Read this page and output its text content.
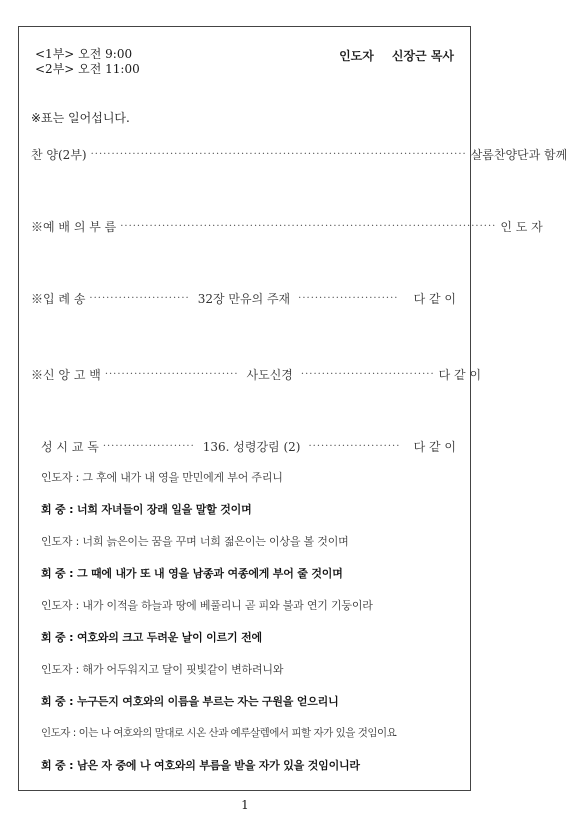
<1부> 오전 9:00
<2부> 오전 11:00
인도자 신장근 목사
※표는 일어섭니다.
찬 양(2부) ·························································································· 살롬찬양단과 함께
※예 배 의 부 름 ·························································································· 인 도 자
※입 례 송 ························ 32장 만유의 주재 ························	다 같 이
※신 앙 고 백 ································ 사도신경 ································ 다 같 이
성 시 교 독 ······················ 136. 성령강림 (2) ······················	다 같 이
인도자 : 그 후에 내가 내 영을 만민에게 부어 주리니
회 중 : 너희 자녀들이 장래 일을 말할 것이며
인도자 : 너희 늙은이는 꿈을 꾸며 너희 젊은이는 이상을 볼 것이며
회 중 : 그 때에 내가 또 내 영을 남종과 여종에게 부어 줄 것이며
인도자 : 내가 이적을 하늘과 땅에 베풀리니 곧 피와 불과 연기 기둥이라
회 중 : 여호와의 크고 두려운 날이 이르기 전에
인도자 : 해가 어두워지고 달이 핏빛같이 변하려니와
회 중 : 누구든지 여호와의 이름을 부르는 자는 구원을 얻으리니
인도자 : 이는 나 여호와의 말대로 시온 산과 예루살렘에서 피할 자가 있을 것임이요
회 중 : 남은 자 중에 나 여호와의 부름을 받을 자가 있을 것임이니라
1
